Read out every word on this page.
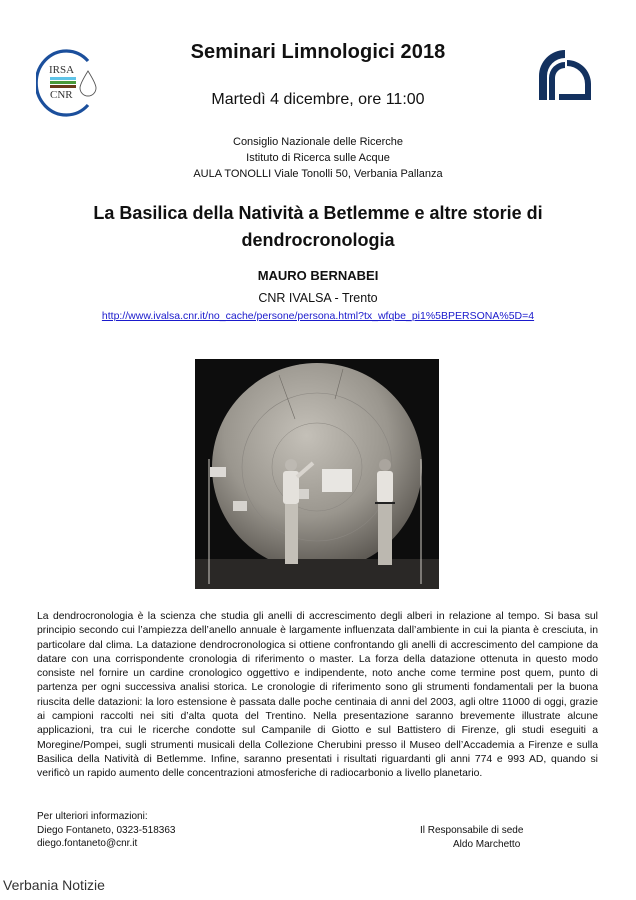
IRSA
CNR
Seminari Limnologici 2018
Martedì 4 dicembre, ore 11:00
Consiglio Nazionale delle Ricerche
Istituto di Ricerca sulle Acque
AULA TONOLLI Viale Tonolli 50, Verbania Pallanza
La Basilica della Natività a Betlemme e altre storie di
dendrocronologia
MAURO BERNABEI
CNR IVALSA - Trento
http://www.ivalsa.cnr.it/no_cache/persone/persona.html?tx_wfqbe_pi1%5BPERSONA%5D=4
La dendrocronologia è la scienza che studia gli anelli di accrescimento degli alberi in relazione al tempo. Si basa sul principio secondo cui l’ampiezza dell’anello annuale è largamente influenzata dall’ambiente in cui la pianta è cresciuta, in particolare dal clima. La datazione dendrocronologica si ottiene confrontando gli anelli di accrescimento del campione da datare con una corrispondente cronologia di riferimento o master. La forza della datazione ottenuta in questo modo consiste nel fornire un cardine cronologico oggettivo e indipendente, noto anche come termine post quem, punto di partenza per ogni successiva analisi storica. Le cronologie di riferimento sono gli strumenti fondamentali per la buona riuscita delle datazioni: la loro estensione è passata dalle poche centinaia di anni del 2003, agli oltre 11000 di oggi, grazie ai campioni raccolti nei siti d’alta quota del Trentino. Nella presentazione saranno brevemente illustrate alcune applicazioni, tra cui le ricerche condotte sul Campanile di Giotto e sul Battistero di Firenze, gli studi eseguiti a Moregine/Pompei, sugli strumenti musicali della Collezione Cherubini presso il Museo dell’Accademia a Firenze e sulla Basilica della Natività di Betlemme. Infine, saranno presentati i risultati riguardanti gli anni 774 e 993 AD, quando si verificò un rapido aumento delle concentrazioni atmosferiche di radiocarbonio a livello planetario.
Per ulteriori informazioni:
Diego Fontaneto, 0323-518363
diego.fontaneto@cnr.it
Il Responsabile di sede
Aldo Marchetto
Verbania Notizie
